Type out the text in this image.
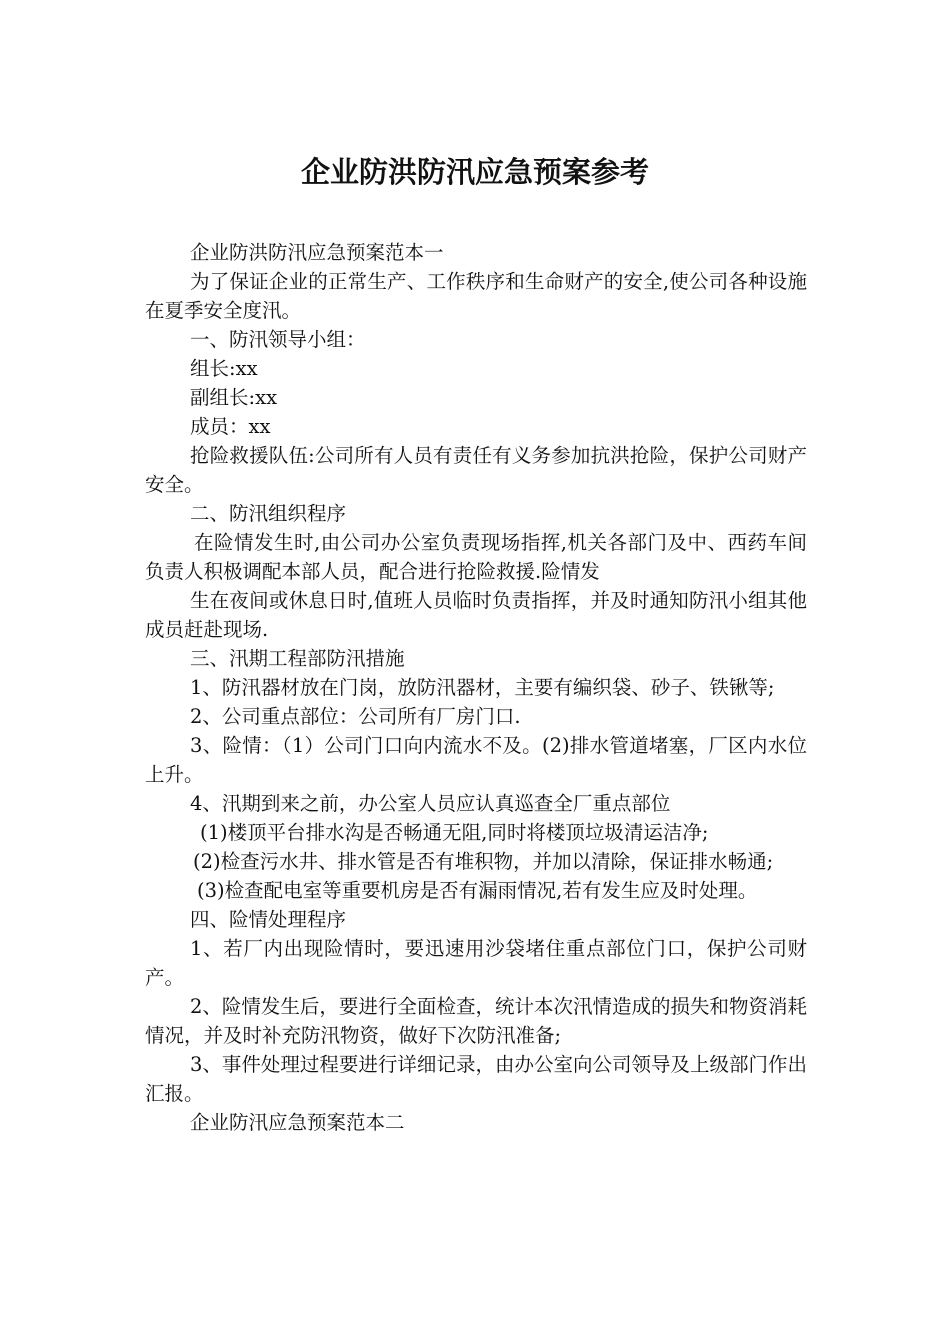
企业防洪防汛应急预案参考

企业防洪防汛应急预案范本一

为了保证企业的正常生产、工作秩序和生命财产的安全,使公司各种设施在夏季安全度汛。

一、防汛领导小组：

组长:xx

副组长:xx

成员：xx

抢险救援队伍:公司所有人员有责任有义务参加抗洪抢险，保护公司财产安全。

二、防汛组织程序

在险情发生时,由公司办公室负责现场指挥,机关各部门及中、西药车间负责人积极调配本部人员，配合进行抢险救援.险情发

生在夜间或休息日时,值班人员临时负责指挥，并及时通知防汛小组其他成员赶赴现场.

三、汛期工程部防汛措施

1、防汛器材放在门岗，放防汛器材，主要有编织袋、砂子、铁锹等;

2、公司重点部位：公司所有厂房门口.

3、险情：（1）公司门口向内流水不及。(2)排水管道堵塞，厂区内水位上升。

4、汛期到来之前，办公室人员应认真巡查全厂重点部位

(1)楼顶平台排水沟是否畅通无阻,同时将楼顶垃圾清运洁净;

(2)检查污水井、排水管是否有堆积物，并加以清除，保证排水畅通;

(3)检查配电室等重要机房是否有漏雨情况,若有发生应及时处理。

四、险情处理程序

1、若厂内出现险情时，要迅速用沙袋堵住重点部位门口，保护公司财产。

2、险情发生后，要进行全面检查，统计本次汛情造成的损失和物资消耗情况，并及时补充防汛物资，做好下次防汛准备;

3、事件处理过程要进行详细记录，由办公室向公司领导及上级部门作出汇报。

企业防汛应急预案范本二
